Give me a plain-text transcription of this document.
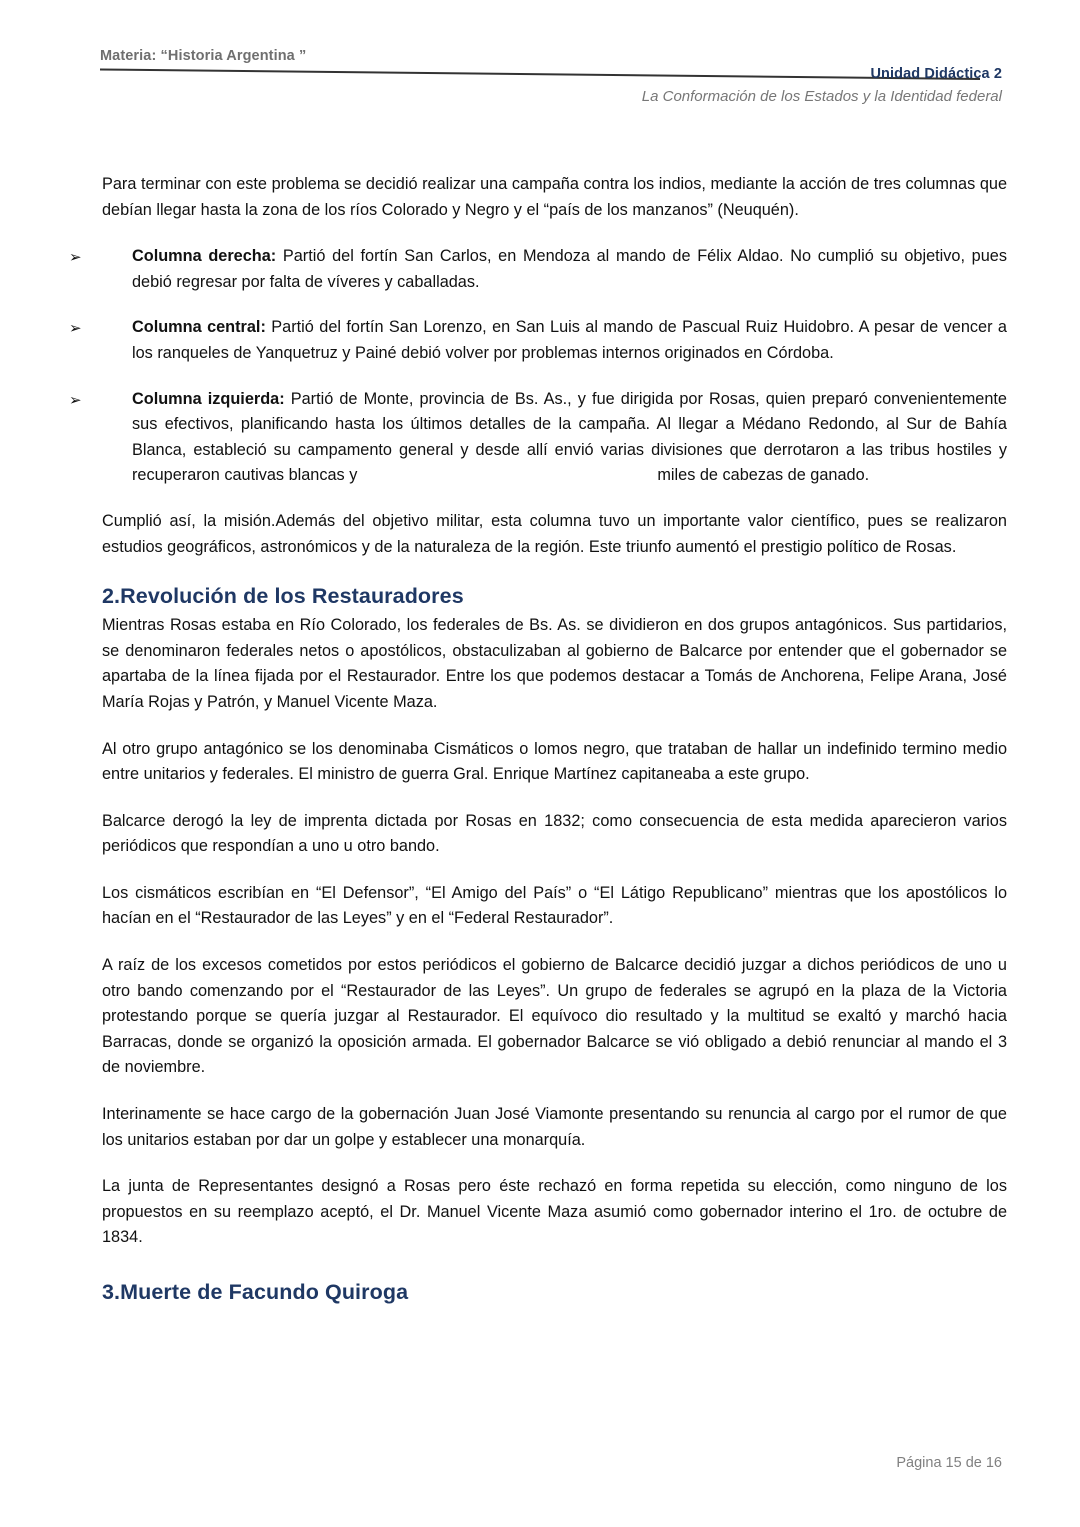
Materia: “Historia Argentina ”
Unidad Didáctica 2
La Conformación de los Estados y la Identidad federal

Para terminar con este problema se decidió realizar una campaña contra los indios, mediante la acción de tres columnas que debían llegar hasta la zona de los ríos Colorado y Negro y el “país de los manzanos” (Neuquén).

➢	Columna derecha: Partió del fortín San Carlos, en Mendoza al mando de Félix Aldao. No cumplió su objetivo, pues debió regresar por falta de víveres y caballadas.
➢	Columna central: Partió del fortín San Lorenzo, en San Luis al mando de Pascual Ruiz Huidobro. A pesar de vencer a los ranqueles de Yanquetruz y Painé debió volver por problemas internos originados en Córdoba.
➢	Columna izquierda: Partió de Monte, provincia de Bs. As., y fue dirigida por Rosas, quien preparó convenientemente sus efectivos, planificando hasta los últimos detalles de la campaña. Al llegar a Médano Redondo, al Sur de Bahía Blanca, estableció su campamento general y desde allí envió varias divisiones que derrotaron a las tribus hostiles y recuperaron cautivas blancas y	miles de cabezas de ganado.

Cumplió así, la misión.Además del objetivo militar, esta columna tuvo un importante valor científico, pues se realizaron estudios geográficos, astronómicos y de la naturaleza de la región. Este triunfo aumentó el prestigio político de Rosas.

2.Revolución de los Restauradores

Mientras Rosas estaba en Río Colorado, los federales de Bs. As. se dividieron en dos grupos antagónicos. Sus partidarios, se denominaron federales netos o apostólicos, obstaculizaban al gobierno de Balcarce por entender que el gobernador se apartaba de la línea fijada por el Restaurador. Entre los que podemos destacar a Tomás de Anchorena, Felipe Arana, José María Rojas y Patrón, y Manuel Vicente Maza.

Al otro grupo antagónico se los denominaba Cismáticos o lomos negro, que trataban de hallar un indefinido termino medio entre unitarios y federales. El ministro de guerra Gral. Enrique Martínez capitaneaba a este grupo.

Balcarce derogó la ley de imprenta dictada por Rosas en 1832; como consecuencia de esta medida aparecieron varios periódicos que respondían a uno u otro bando.

Los cismáticos escribían en “El Defensor”, “El Amigo del País” o “El Látigo Republicano” mientras que los apostólicos lo hacían en el “Restaurador de las Leyes” y en el “Federal Restaurador”.

A raíz de los excesos cometidos por estos periódicos el gobierno de Balcarce decidió juzgar a dichos periódicos de uno u otro bando comenzando por el “Restaurador de las Leyes”. Un grupo de federales se agrupó en la plaza de la Victoria protestando porque se quería juzgar al Restaurador. El equívoco dio resultado y la multitud se exaltó y marchó hacia Barracas, donde se organizó la oposición armada. El gobernador Balcarce se vió obligado a debió renunciar al mando el 3 de noviembre.

Interinamente se hace cargo de la gobernación Juan José Viamonte presentando su renuncia al cargo por el rumor de que los unitarios estaban por dar un golpe y establecer una monarquía.

La junta de Representantes designó a Rosas pero éste rechazó en forma repetida su elección, como ninguno de los propuestos en su reemplazo aceptó, el Dr. Manuel Vicente Maza asumió como gobernador interino el 1ro. de octubre de 1834.

3.Muerte de Facundo Quiroga
Página 15 de 16
